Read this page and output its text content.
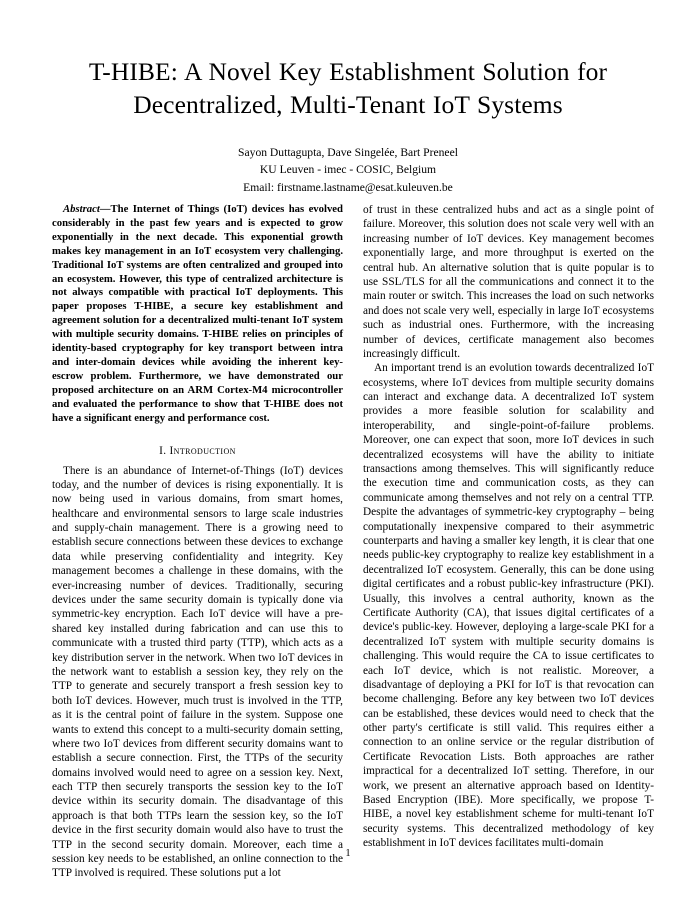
T-HIBE: A Novel Key Establishment Solution for
Decentralized, Multi-Tenant IoT Systems
Sayon Duttagupta, Dave Singelée, Bart Preneel
KU Leuven - imec - COSIC, Belgium
Email: firstname.lastname@esat.kuleuven.be

Abstract—The Internet of Things (IoT) devices has evolved considerably in the past few years and is expected to grow exponentially in the next decade. This exponential growth makes key management in an IoT ecosystem very challenging. Traditional IoT systems are often centralized and grouped into an ecosystem. However, this type of centralized architecture is not always compatible with practical IoT deployments. This paper proposes T-HIBE, a secure key establishment and agreement solution for a decentralized multi-tenant IoT system with multiple security domains. T-HIBE relies on principles of identity-based cryptography for key transport between intra and inter-domain devices while avoiding the inherent key-escrow problem. Furthermore, we have demonstrated our proposed architecture on an ARM Cortex-M4 microcontroller and evaluated the performance to show that T-HIBE does not have a significant energy and performance cost.

I. Introduction

There is an abundance of Internet-of-Things (IoT) devices today, and the number of devices is rising exponentially. It is now being used in various domains, from smart homes, healthcare and environmental sensors to large scale industries and supply-chain management. There is a growing need to establish secure connections between these devices to exchange data while preserving confidentiality and integrity. Key management becomes a challenge in these domains, with the ever-increasing number of devices. Traditionally, securing devices under the same security domain is typically done via symmetric-key encryption. Each IoT device will have a pre-shared key installed during fabrication and can use this to communicate with a trusted third party (TTP), which acts as a key distribution server in the network. When two IoT devices in the network want to establish a session key, they rely on the TTP to generate and securely transport a fresh session key to both IoT devices. However, much trust is involved in the TTP, as it is the central point of failure in the system. Suppose one wants to extend this concept to a multi-security domain setting, where two IoT devices from different security domains want to establish a secure connection. First, the TTPs of the security domains involved would need to agree on a session key. Next, each TTP then securely transports the session key to the IoT device within its security domain. The disadvantage of this approach is that both TTPs learn the session key, so the IoT device in the first security domain would also have to trust the TTP in the second security domain. Moreover, each time a session key needs to be established, an online connection to the TTP involved is required. These solutions put a lot

of trust in these centralized hubs and act as a single point of failure. Moreover, this solution does not scale very well with an increasing number of IoT devices. Key management becomes exponentially large, and more throughput is exerted on the central hub. An alternative solution that is quite popular is to use SSL/TLS for all the communications and connect it to the main router or switch. This increases the load on such networks and does not scale very well, especially in large IoT ecosystems such as industrial ones. Furthermore, with the increasing number of devices, certificate management also becomes increasingly difficult.

An important trend is an evolution towards decentralized IoT ecosystems, where IoT devices from multiple security domains can interact and exchange data. A decentralized IoT system provides a more feasible solution for scalability and interoperability, and single-point-of-failure problems. Moreover, one can expect that soon, more IoT devices in such decentralized ecosystems will have the ability to initiate transactions among themselves. This will significantly reduce the execution time and communication costs, as they can communicate among themselves and not rely on a central TTP. Despite the advantages of symmetric-key cryptography – being computationally inexpensive compared to their asymmetric counterparts and having a smaller key length, it is clear that one needs public-key cryptography to realize key establishment in a decentralized IoT ecosystem. Generally, this can be done using digital certificates and a robust public-key infrastructure (PKI). Usually, this involves a central authority, known as the Certificate Authority (CA), that issues digital certificates of a device's public-key. However, deploying a large-scale PKI for a decentralized IoT system with multiple security domains is challenging. This would require the CA to issue certificates to each IoT device, which is not realistic. Moreover, a disadvantage of deploying a PKI for IoT is that revocation can become challenging. Before any key between two IoT devices can be established, these devices would need to check that the other party's certificate is still valid. This requires either a connection to an online service or the regular distribution of Certificate Revocation Lists. Both approaches are rather impractical for a decentralized IoT setting. Therefore, in our work, we present an alternative approach based on Identity-Based Encryption (IBE). More specifically, we propose T-HIBE, a novel key establishment scheme for multi-tenant IoT security systems. This decentralized methodology of key establishment in IoT devices facilitates multi-domain

1
